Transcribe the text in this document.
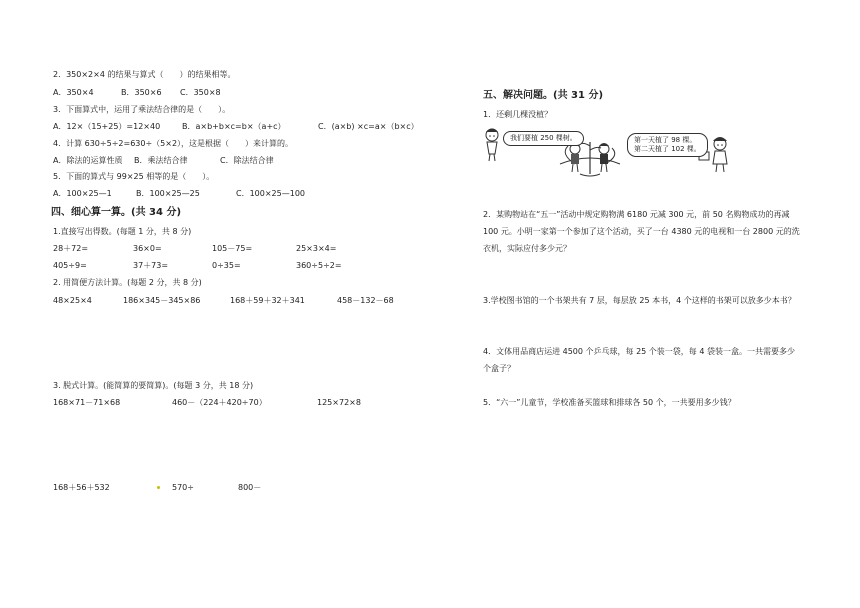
2．350×2×4 的结果与算式（　　）的结果相等。
A．350×4	B．350×6 C．350×8
3．下面算式中，运用了乘法结合律的是（　　）。
A．12×（15+25）=12×40	B．a×b+b×c=b×（a+c）	C．(a×b) ×c=a×（b×c）
4．计算 630÷5÷2=630÷（5×2），这是根据（　　）来计算的。
A．除法的运算性质 B．乘法结合律	C．除法结合律
5．下面的算式与 99×25 相等的是（　　）。
A．100×25—1	B．100×25—25	C．100×25—100
四、细心算一算。(共 34 分)
1.直接写出得数。(每题 1 分，共 8 分)
28＋72=	36×0=	105－75=	25×3×4=
405÷9=	37＋73=	0÷35=	360÷5÷2=
2. 用简便方法计算。(每题 2 分，共 8 分)
48×25×4	186×345－345×86	168＋59＋32＋341	458－132－68
3. 脱式计算。(能简算的要简算)。(每题 3 分，共 18 分)
168×71－71×68	460－（224＋420÷70）	125×72×8
168＋56＋532	570÷	800－
五、解决问题。(共 31 分)
1．还剩几棵没植？
我们要植 250 棵树。	第一天植了 98 棵。
第二天植了 102 棵。
2．某购物站在“五一”活动中规定购物满 6180 元减 300 元，前 50 名购物成功的再减
100 元。小明一家第一个参加了这个活动，买了一台 4380 元的电视和一台 2800 元的洗
衣机，实际应付多少元？
3.学校图书馆的一个书架共有 7 层，每层放 25 本书，4 个这样的书架可以放多少本书？
4．文体用品商店运进 4500 个乒乓球，每 25 个装一袋，每 4 袋装一盒。一共需要多少
个盒子？
5．“六一”儿童节，学校准备买篮球和排球各 50 个，一共要用多少钱？
